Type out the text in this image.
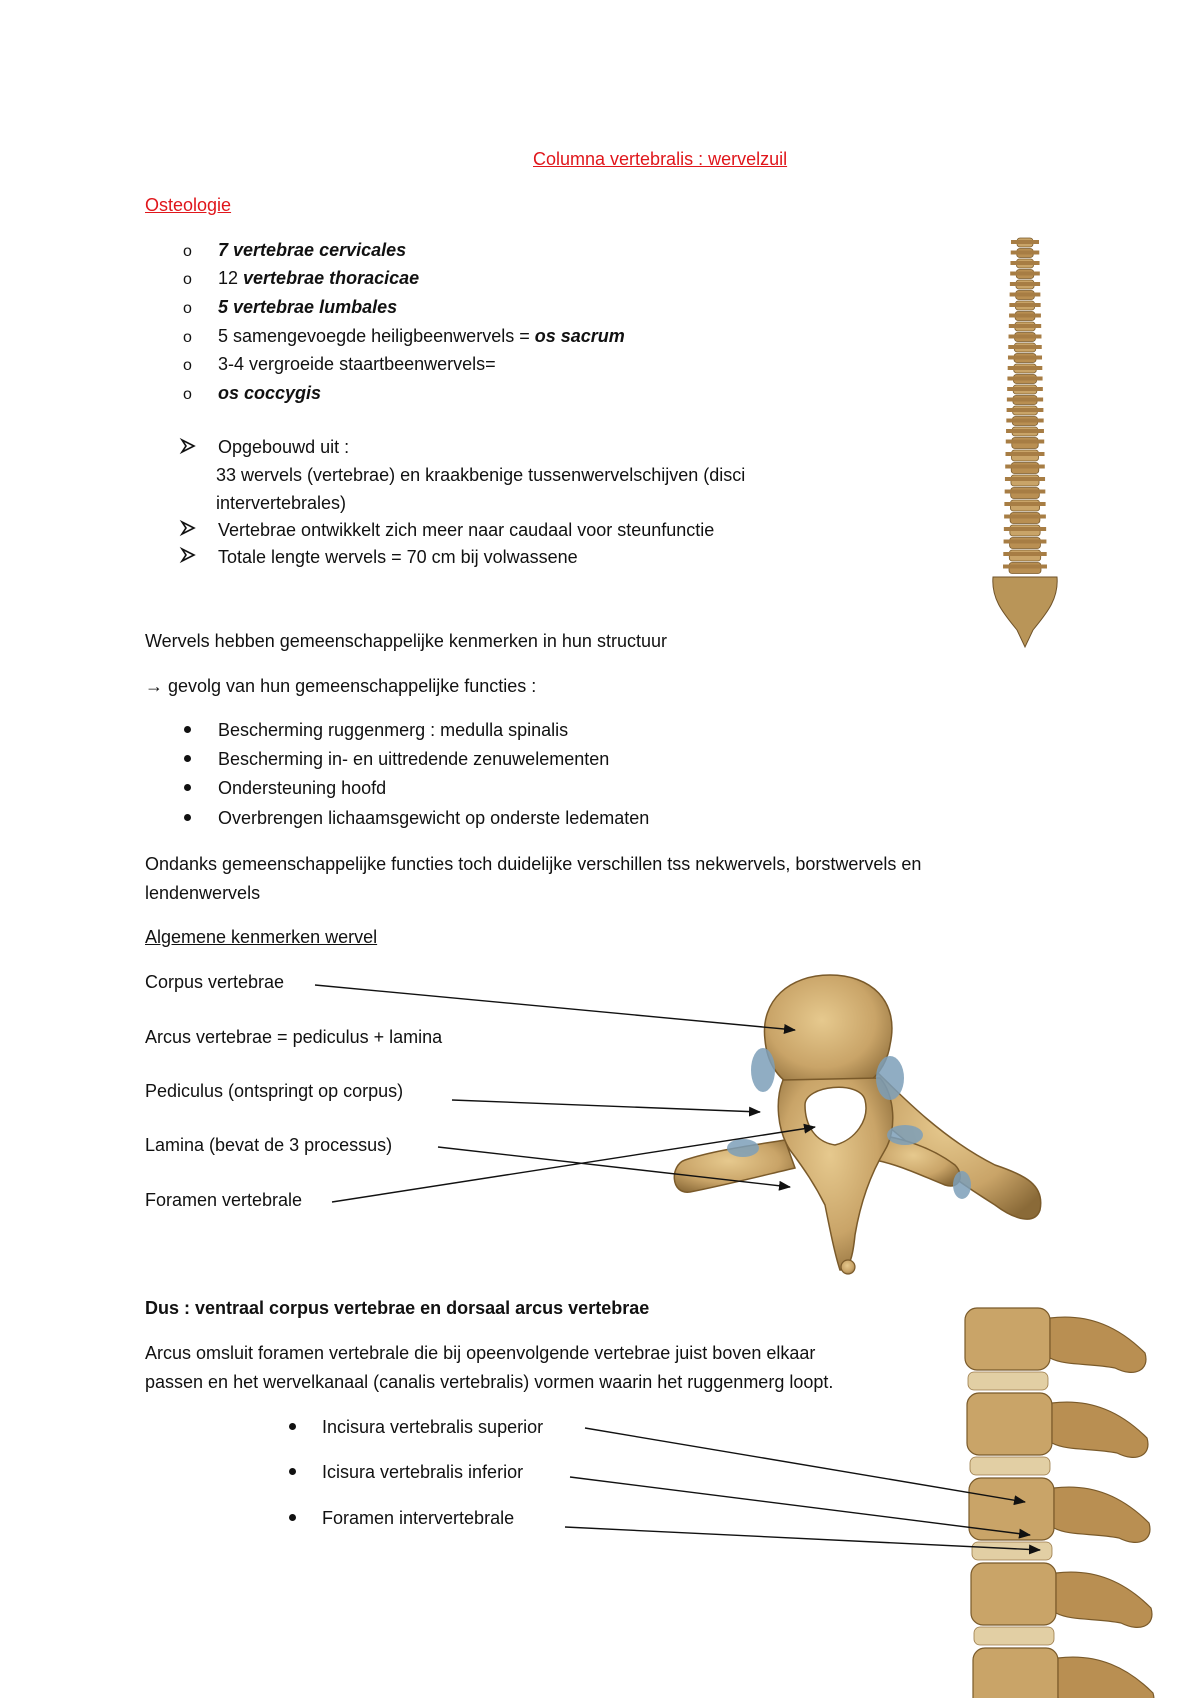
Columna vertebralis : wervelzuil
Osteologie
o 7 vertebrae cervicales
o 12 vertebrae thoracicae
o 5 vertebrae lumbales
o 5 samengevoegde heiligbeenwervels = os sacrum
o 3-4 vergroeide staartbeenwervels=
o os coccygis
Opgebouwd uit :
33 wervels (vertebrae) en kraakbenige tussenwervelschijven (disci
intervertebrales)
Vertebrae ontwikkelt zich meer naar caudaal voor steunfunctie
Totale lengte wervels = 70 cm bij volwassene
Wervels hebben gemeenschappelijke kenmerken in hun structuur
→ gevolg van hun gemeenschappelijke functies :
Bescherming ruggenmerg : medulla spinalis
Bescherming in- en uittredende zenuwelementen
Ondersteuning hoofd
Overbrengen lichaamsgewicht op onderste ledematen
Ondanks gemeenschappelijke functies toch duidelijke verschillen tss nekwervels, borstwervels en
lendenwervels
Algemene kenmerken wervel
Corpus vertebrae
Arcus vertebrae = pediculus + lamina
Pediculus (ontspringt op corpus)
Lamina (bevat de 3 processus)
Foramen vertebrale
Dus : ventraal corpus vertebrae en dorsaal arcus vertebrae
Arcus omsluit foramen vertebrale die bij opeenvolgende vertebrae juist boven elkaar
passen en het wervelkanaal (canalis vertebralis) vormen waarin het ruggenmerg loopt.
Incisura vertebralis superior
Icisura vertebralis inferior
Foramen intervertebrale
